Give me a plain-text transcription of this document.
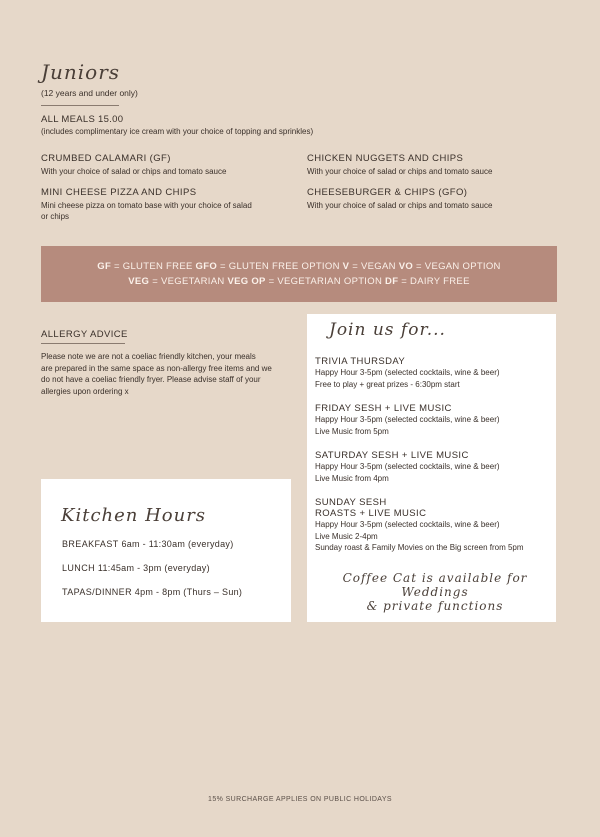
Juniors
(12 years and under only)
ALL MEALS 15.00
(includes complimentary ice cream with your choice of topping and sprinkles)
CRUMBED CALAMARI (GF)
With your choice of salad or chips and tomato sauce
CHICKEN NUGGETS AND CHIPS
With your choice of salad or chips and tomato sauce
MINI CHEESE PIZZA AND CHIPS
Mini cheese pizza on tomato base with your choice of salad or chips
CHEESEBURGER & CHIPS (GFO)
With your choice of salad or chips and tomato sauce
GF = GLUTEN FREE GFO = GLUTEN FREE OPTION V = VEGAN VO = VEGAN OPTION
VEG = VEGETARIAN VEG OP = VEGETARIAN OPTION DF = DAIRY FREE
ALLERGY ADVICE
Please note we are not a coeliac friendly kitchen, your meals
are prepared in the same space as non-allergy free items and we
do not have a coeliac friendly fryer. Please advise staff of your
allergies upon ordering x
Kitchen Hours
BREAKFAST 6am - 11:30am (everyday)
LUNCH 11:45am - 3pm (everyday)
TAPAS/DINNER 4pm - 8pm (Thurs – Sun)
Join us for...
TRIVIA THURSDAY
Happy Hour 3-5pm (selected cocktails, wine & beer)
Free to play + great prizes - 6:30pm start
FRIDAY SESH + LIVE MUSIC
Happy Hour 3-5pm (selected cocktails, wine & beer)
Live Music from 5pm
SATURDAY SESH + LIVE MUSIC
Happy Hour 3-5pm (selected cocktails, wine & beer)
Live Music from 4pm
SUNDAY SESH
ROASTS + LIVE MUSIC
Happy Hour 3-5pm (selected cocktails, wine & beer)
Live Music 2-4pm
Sunday roast & Family Movies on the Big screen from 5pm
Coffee Cat is available for Weddings
& private functions
15% SURCHARGE APPLIES ON PUBLIC HOLIDAYS
